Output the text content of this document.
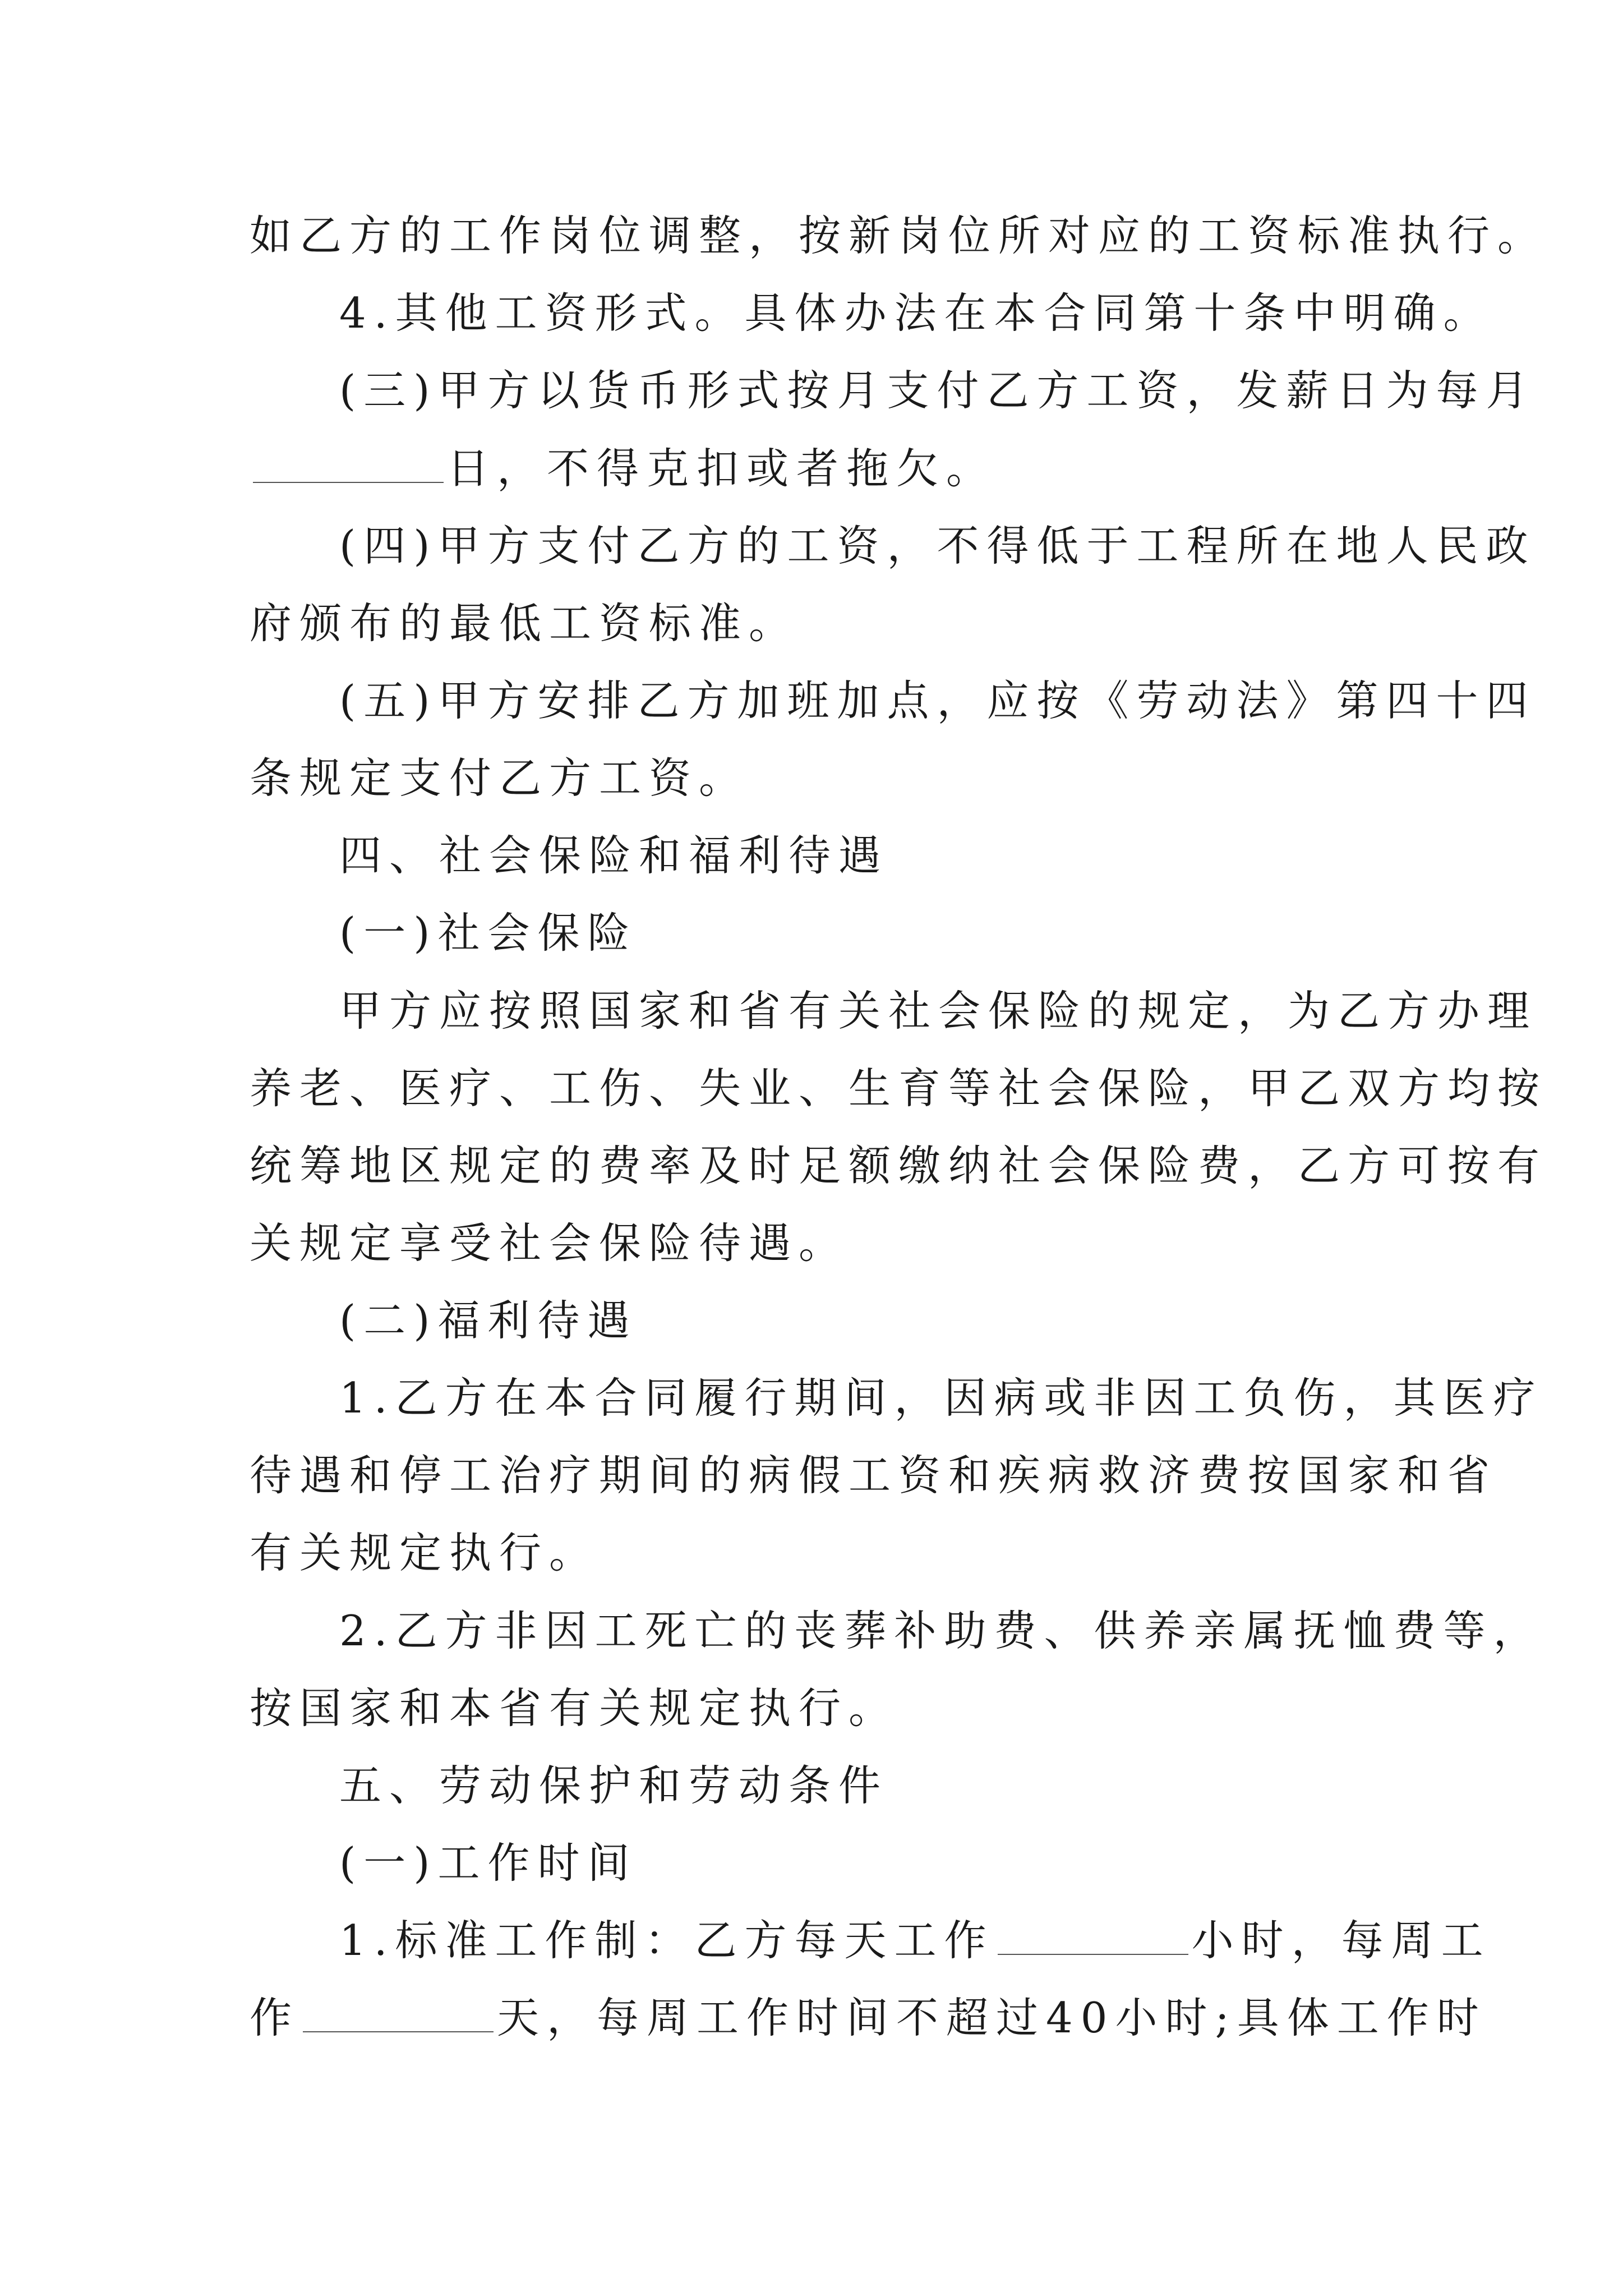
如乙方的工作岗位调整，按新岗位所对应的工资标准执行。
4.其他工资形式。具体办法在本合同第十条中明确。
(三)甲方以货币形式按月支付乙方工资，发薪日为每月
日，不得克扣或者拖欠。
(四)甲方支付乙方的工资，不得低于工程所在地人民政
府颁布的最低工资标准。
(五)甲方安排乙方加班加点，应按《劳动法》第四十四
条规定支付乙方工资。
四、社会保险和福利待遇
(一)社会保险
甲方应按照国家和省有关社会保险的规定，为乙方办理
养老、医疗、工伤、失业、生育等社会保险，甲乙双方均按
统筹地区规定的费率及时足额缴纳社会保险费，乙方可按有
关规定享受社会保险待遇。
(二)福利待遇
1.乙方在本合同履行期间，因病或非因工负伤，其医疗
待遇和停工治疗期间的病假工资和疾病救济费按国家和省
有关规定执行。
2.乙方非因工死亡的丧葬补助费、供养亲属抚恤费等，
按国家和本省有关规定执行。
五、劳动保护和劳动条件
(一)工作时间
1.标准工作制：乙方每天工作	小时，每周工
作	天，每周工作时间不超过40小时;具体工作时
